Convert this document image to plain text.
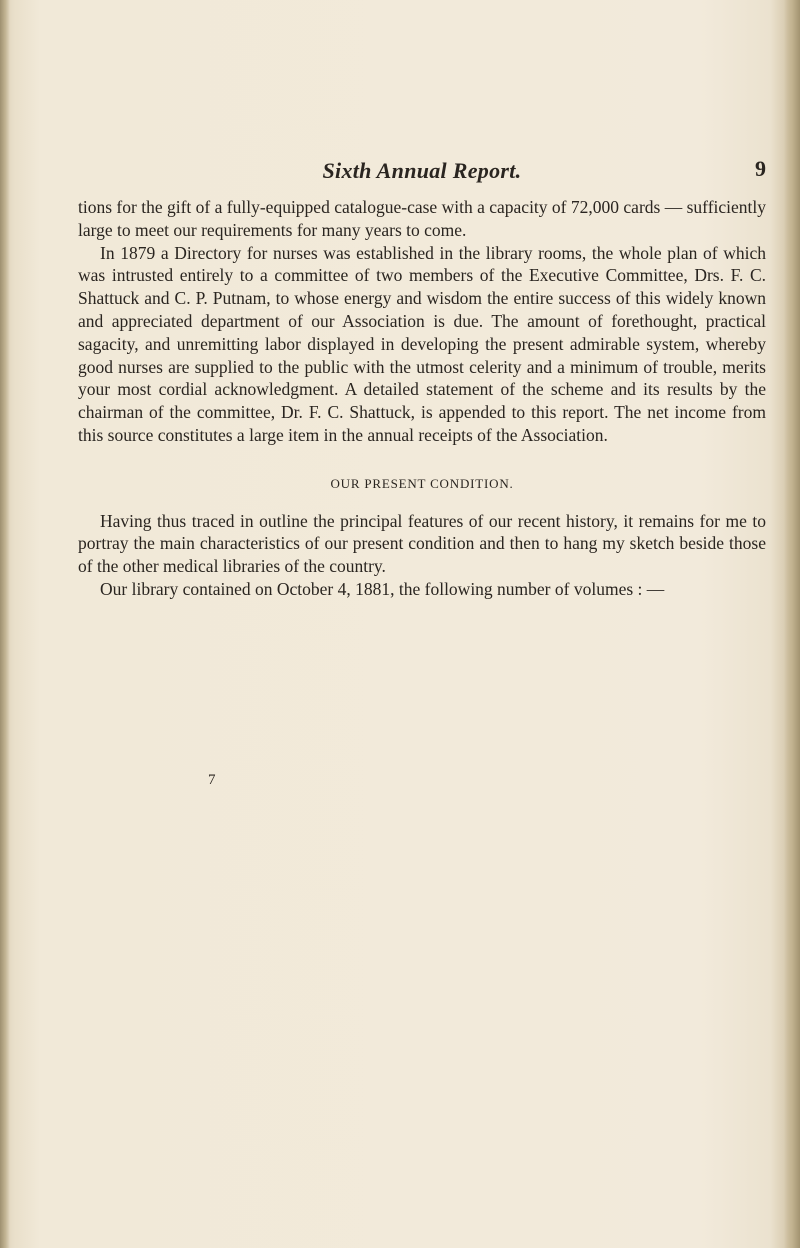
Sixth Annual Report.	9

tions for the gift of a fully-equipped catalogue-case with a capacity of 72,000 cards — sufficiently large to meet our requirements for many years to come.

In 1879 a Directory for nurses was established in the library rooms, the whole plan of which was intrusted entirely to a committee of two members of the Executive Committee, Drs. F. C. Shattuck and C. P. Putnam, to whose energy and wisdom the entire success of this widely known and appreciated department of our Association is due. The amount of forethought, practical sagacity, and unremitting labor displayed in developing the present admirable system, whereby good nurses are supplied to the public with the utmost celerity and a minimum of trouble, merits your most cordial acknowledgment. A detailed statement of the scheme and its results by the chairman of the committee, Dr. F. C. Shattuck, is appended to this report. The net income from this source constitutes a large item in the annual receipts of the Association.

OUR PRESENT CONDITION.

Having thus traced in outline the principal features of our recent history, it remains for me to portray the main characteristics of our present condition and then to hang my sketch beside those of the other medical libraries of the country.

Our library contained on October 4, 1881, the following number of volumes : —

7
